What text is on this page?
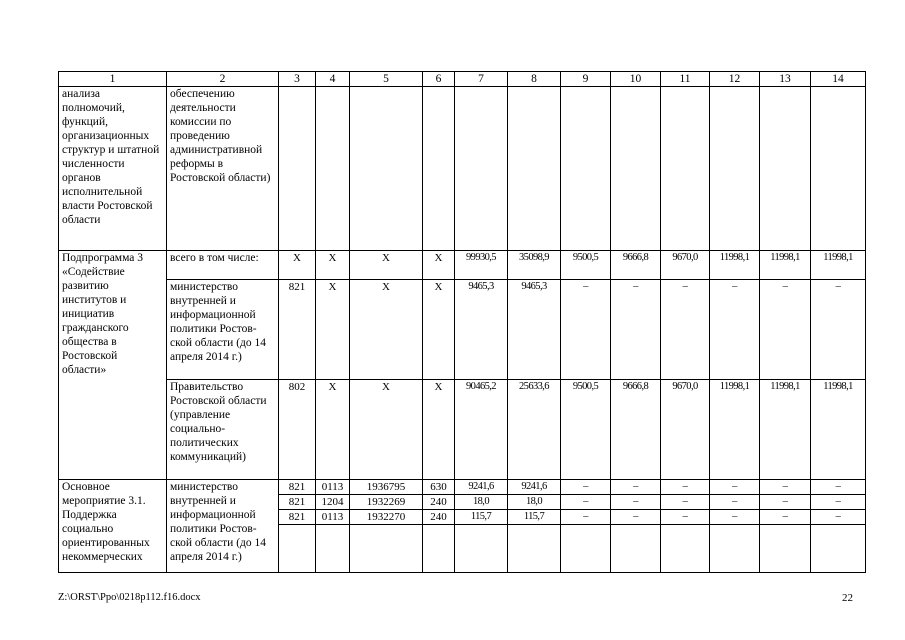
1	2	3	4	5	6	7	8	9	10	11	12	13	14
анализа полномочий, функций, организационных структур и штатной численности органов исполнительной власти Ростовской области	обеспечению деятельности комиссии по проведению административной реформы в Ростовской области)												
Подпрограмма 3 «Содействие развитию институтов и инициатив гражданского общества в Ростовской области»	всего в том числе:	X	X	X	X	99930,5	35098,9	9500,5	9666,8	9670,0	11998,1	11998,1	11998,1
	министерство внутренней и информационной политики Ростов-ской области (до 14 апреля 2014 г.)	821	X	X	X	9465,3	9465,3	–	–	–	–	–	–
	Правительство Ростовской области (управление социально-политических коммуникаций)	802	X	X	X	90465,2	25633,6	9500,5	9666,8	9670,0	11998,1	11998,1	11998,1
Основное мероприятие 3.1. Поддержка социально ориентированных некоммерческих	министерство внутренней и информационной политики Ростов-ской области (до 14 апреля 2014 г.)	821	0113	1936795	630	9241,6	9241,6	–	–	–	–	–	–
		821	1204	1932269	240	18,0	18,0	–	–	–	–	–	–
		821	0113	1932270	240	115,7	115,7	–	–	–	–	–	–

Z:\ORST\Ppo\0218p112.f16.docx	22
